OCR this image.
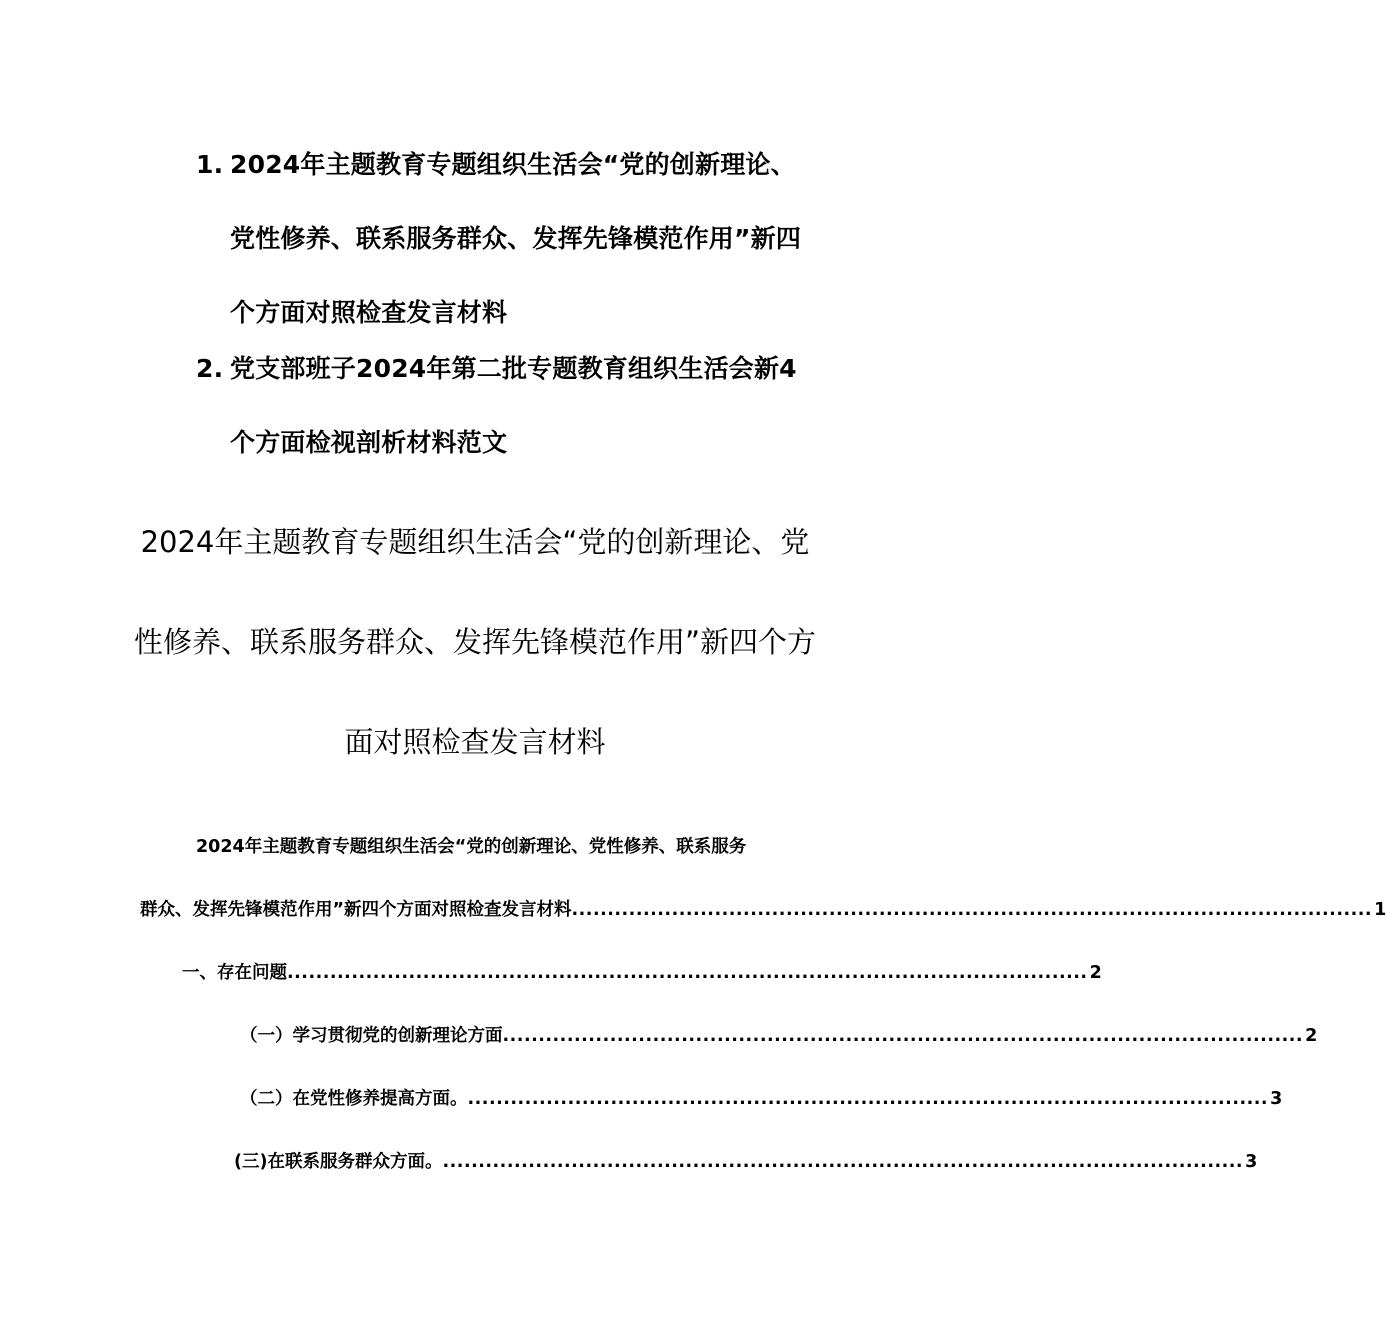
1. 2024年主题教育专题组织生活会“党的创新理论、党性修养、联系服务群众、发挥先锋模范作用”新四个方面对照检查发言材料
2. 党支部班子2024年第二批专题教育组织生活会新4个方面检视剖析材料范文
2024年主题教育专题组织生活会“党的创新理论、党性修养、联系服务群众、发挥先锋模范作用”新四个方面对照检查发言材料
2024年主题教育专题组织生活会“党的创新理论、党性修养、联系服务
群众、发挥先锋模范作用”新四个方面对照检查发言材料 ................................................................................................................ 1
一、存在问题 ................................................................................................................ 2
（一）学习贯彻党的创新理论方面 ................................................................................................................ 2
（二）在党性修养提高方面。 ................................................................................................................ 3
(三)在联系服务群众方面。 ................................................................................................................ 3
